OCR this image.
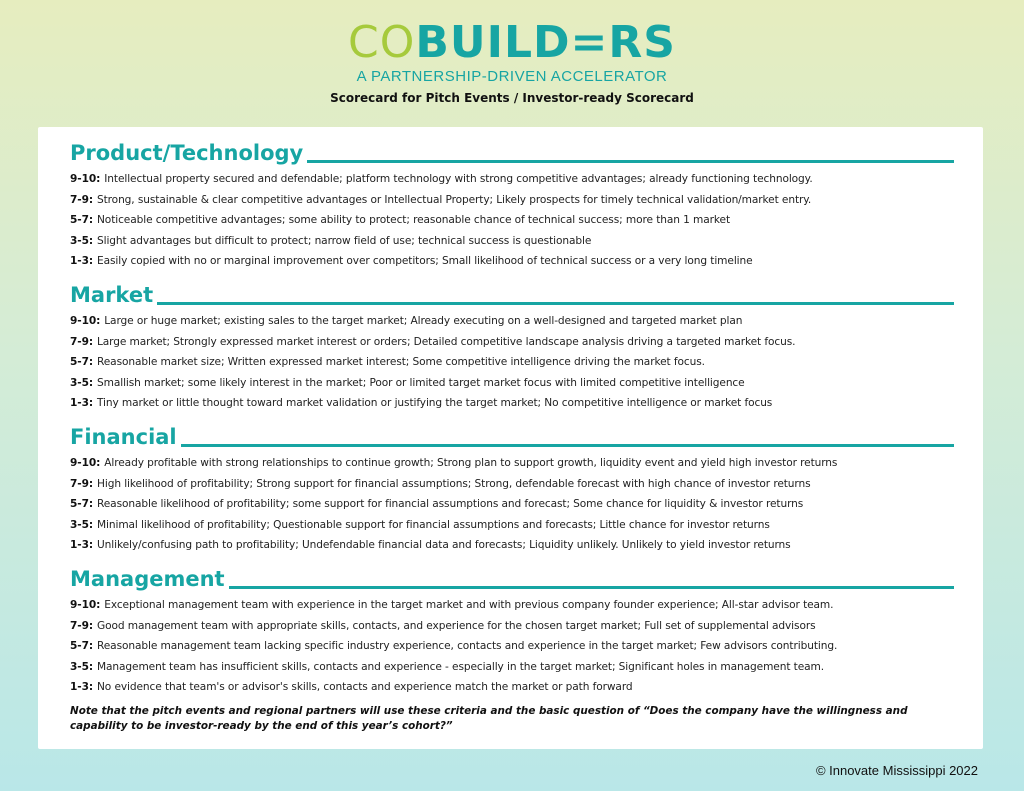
COBUILD=RS
A PARTNERSHIP-DRIVEN ACCELERATOR
Scorecard for Pitch Events / Investor-ready Scorecard
Product/Technology
9-10: Intellectual property secured and defendable; platform technology with strong competitive advantages; already functioning technology.
7-9: Strong, sustainable & clear competitive advantages or Intellectual Property; Likely prospects for timely technical validation/market entry.
5-7: Noticeable competitive advantages; some ability to protect; reasonable chance of technical success; more than 1 market
3-5: Slight advantages but difficult to protect; narrow field of use; technical success is questionable
1-3: Easily copied with no or marginal improvement over competitors; Small likelihood of technical success or a very long timeline
Market
9-10: Large or huge market; existing sales to the target market; Already executing on a well-designed and targeted market plan
7-9: Large market; Strongly expressed market interest or orders; Detailed competitive landscape analysis driving a targeted market focus.
5-7: Reasonable market size; Written expressed market interest; Some competitive intelligence driving the market focus.
3-5: Smallish market; some likely interest in the market; Poor or limited target market focus with limited competitive intelligence
1-3: Tiny market or little thought toward market validation or justifying the target market; No competitive intelligence or market focus
Financial
9-10: Already profitable with strong relationships to continue growth; Strong plan to support growth, liquidity event and yield high investor returns
7-9: High likelihood of profitability; Strong support for financial assumptions; Strong, defendable forecast with high chance of investor returns
5-7: Reasonable likelihood of profitability; some support for financial assumptions and forecast; Some chance for liquidity & investor returns
3-5: Minimal likelihood of profitability; Questionable support for financial assumptions and forecasts; Little chance for investor returns
1-3: Unlikely/confusing path to profitability; Undefendable financial data and forecasts; Liquidity unlikely. Unlikely to yield investor returns
Management
9-10: Exceptional management team with experience in the target market and with previous company founder experience; All-star advisor team.
7-9: Good management team with appropriate skills, contacts, and experience for the chosen target market; Full set of supplemental advisors
5-7: Reasonable management team lacking specific industry experience, contacts and experience in the target market; Few advisors contributing.
3-5: Management team has insufficient skills, contacts and experience - especially in the target market; Significant holes in management team.
1-3: No evidence that team's or advisor's skills, contacts and experience match the market or path forward
Note that the pitch events and regional partners will use these criteria and the basic question of “Does the company have the willingness and capability to be investor-ready by the end of this year’s cohort?”
© Innovate Mississippi 2022
